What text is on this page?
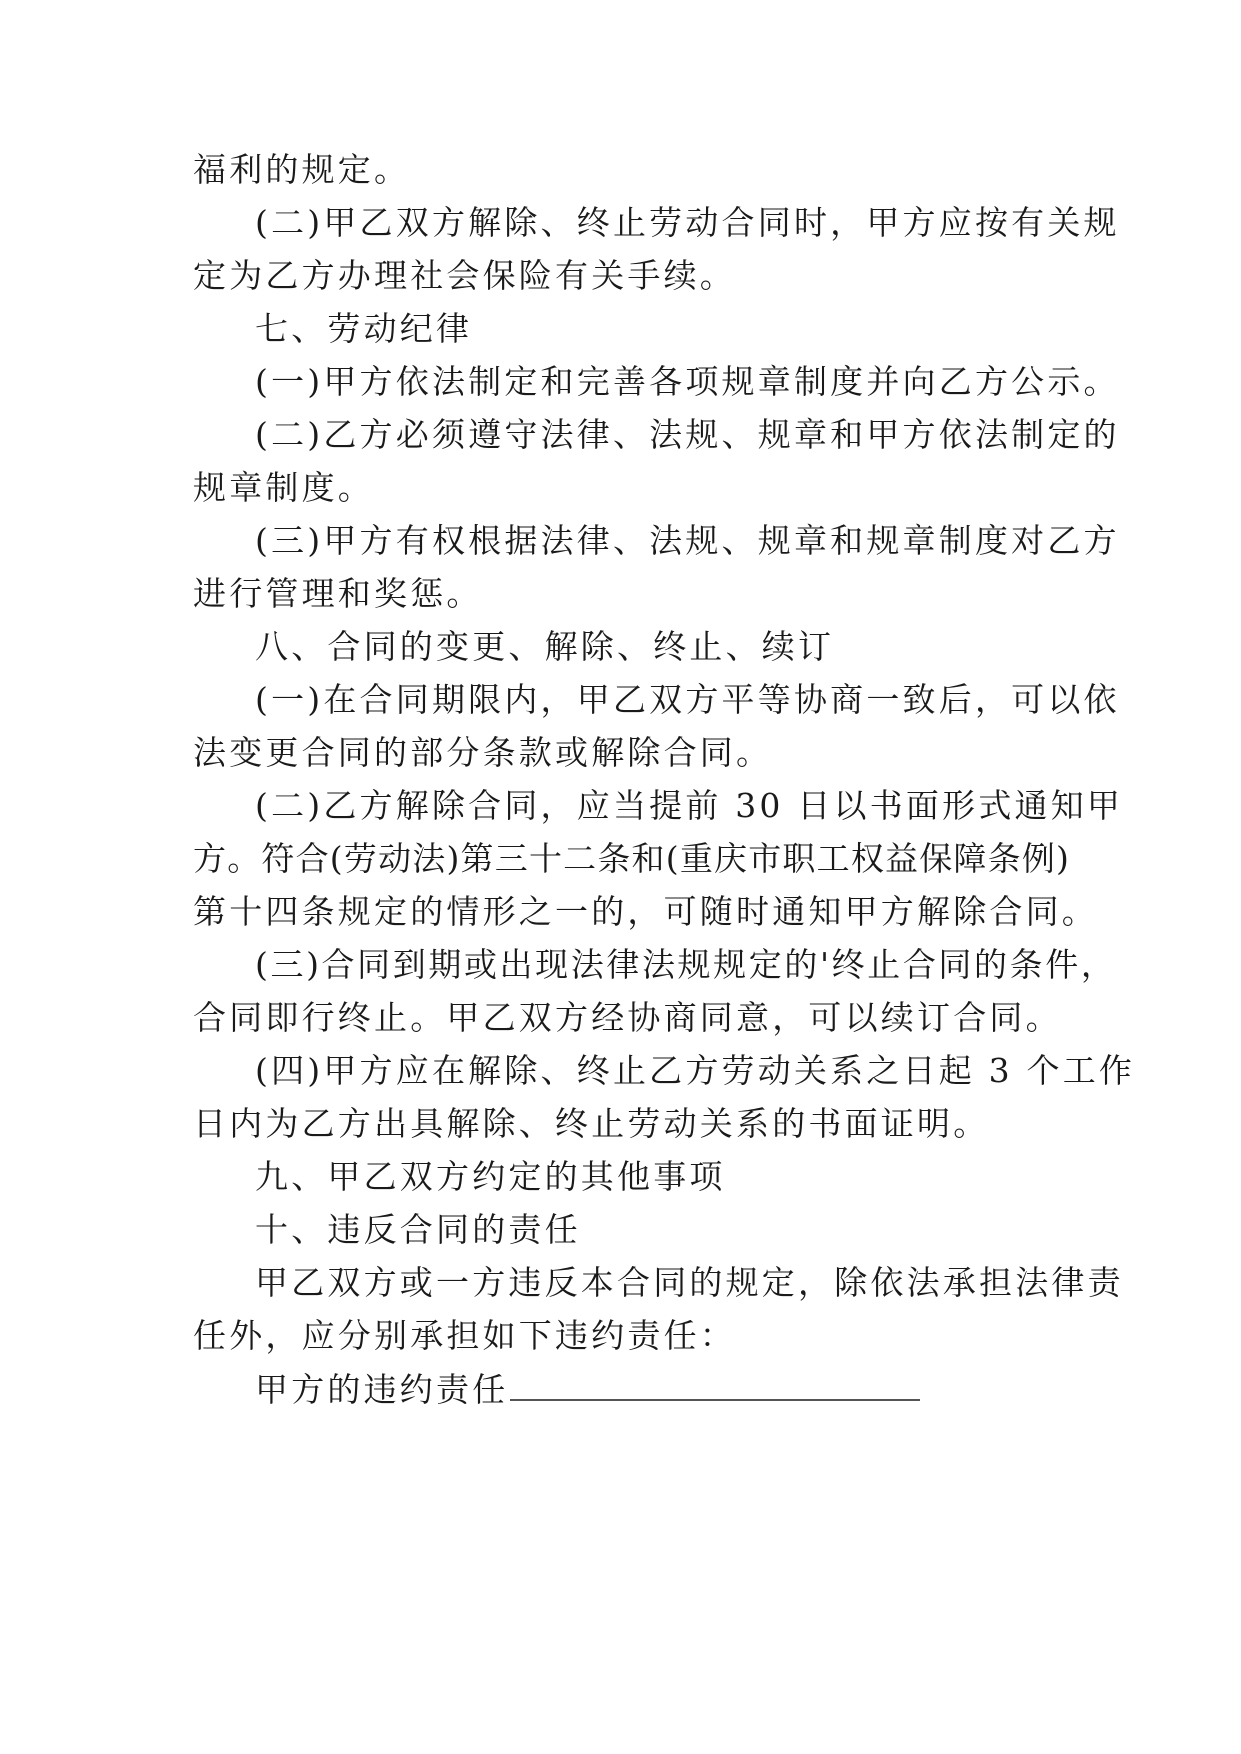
福利的规定。
(二)甲乙双方解除、终止劳动合同时，甲方应按有关规
定为乙方办理社会保险有关手续。
七、劳动纪律
(一)甲方依法制定和完善各项规章制度并向乙方公示。
(二)乙方必须遵守法律、法规、规章和甲方依法制定的
规章制度。
(三)甲方有权根据法律、法规、规章和规章制度对乙方
进行管理和奖惩。
八、合同的变更、解除、终止、续订
(一)在合同期限内，甲乙双方平等协商一致后，可以依
法变更合同的部分条款或解除合同。
(二)乙方解除合同，应当提前 30 日以书面形式通知甲
方。符合(劳动法)第三十二条和(重庆市职工权益保障条例)
第十四条规定的情形之一的，可随时通知甲方解除合同。
(三)合同到期或出现法律法规规定的'终止合同的条件，
合同即行终止。甲乙双方经协商同意，可以续订合同。
(四)甲方应在解除、终止乙方劳动关系之日起 3 个工作
日内为乙方出具解除、终止劳动关系的书面证明。
九、甲乙双方约定的其他事项
十、违反合同的责任
甲乙双方或一方违反本合同的规定，除依法承担法律责
任外，应分别承担如下违约责任：
甲方的违约责任
